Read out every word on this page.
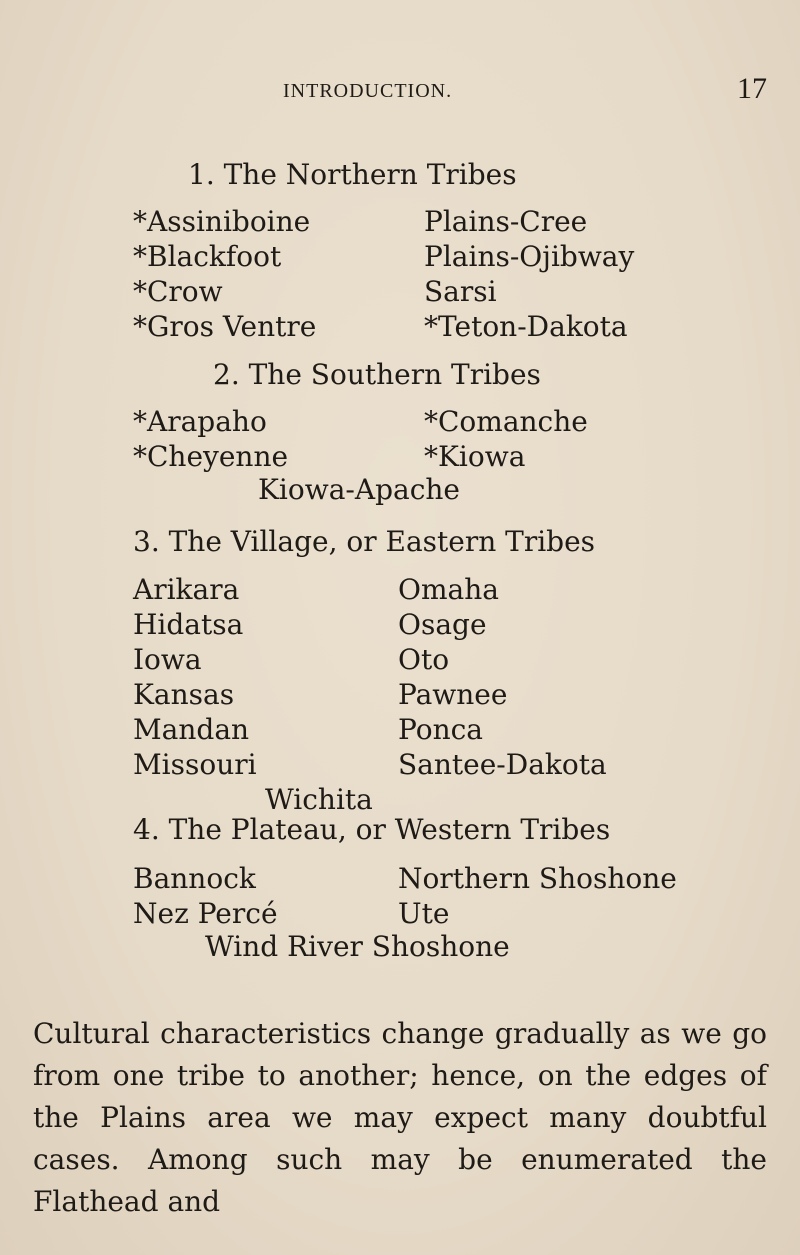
INTRODUCTION.	17
1. The Northern Tribes
*Assiniboine
*Blackfoot
*Crow
*Gros Ventre
Plains-Cree
Plains-Ojibway
Sarsi
*Teton-Dakota
2. The Southern Tribes
*Arapaho
*Cheyenne
*Comanche
*Kiowa
Kiowa-Apache
3. The Village, or Eastern Tribes
Arikara
Hidatsa
Iowa
Kansas
Mandan
Missouri
Omaha
Osage
Oto
Pawnee
Ponca
Santee-Dakota
Wichita
4. The Plateau, or Western Tribes
Bannock
Nez Percé
Northern Shoshone
Ute
Wind River Shoshone

Cultural characteristics change gradually as we go from one tribe to another; hence, on the edges of the Plains area we may expect many doubtful cases. Among such may be enumerated the Flathead and
